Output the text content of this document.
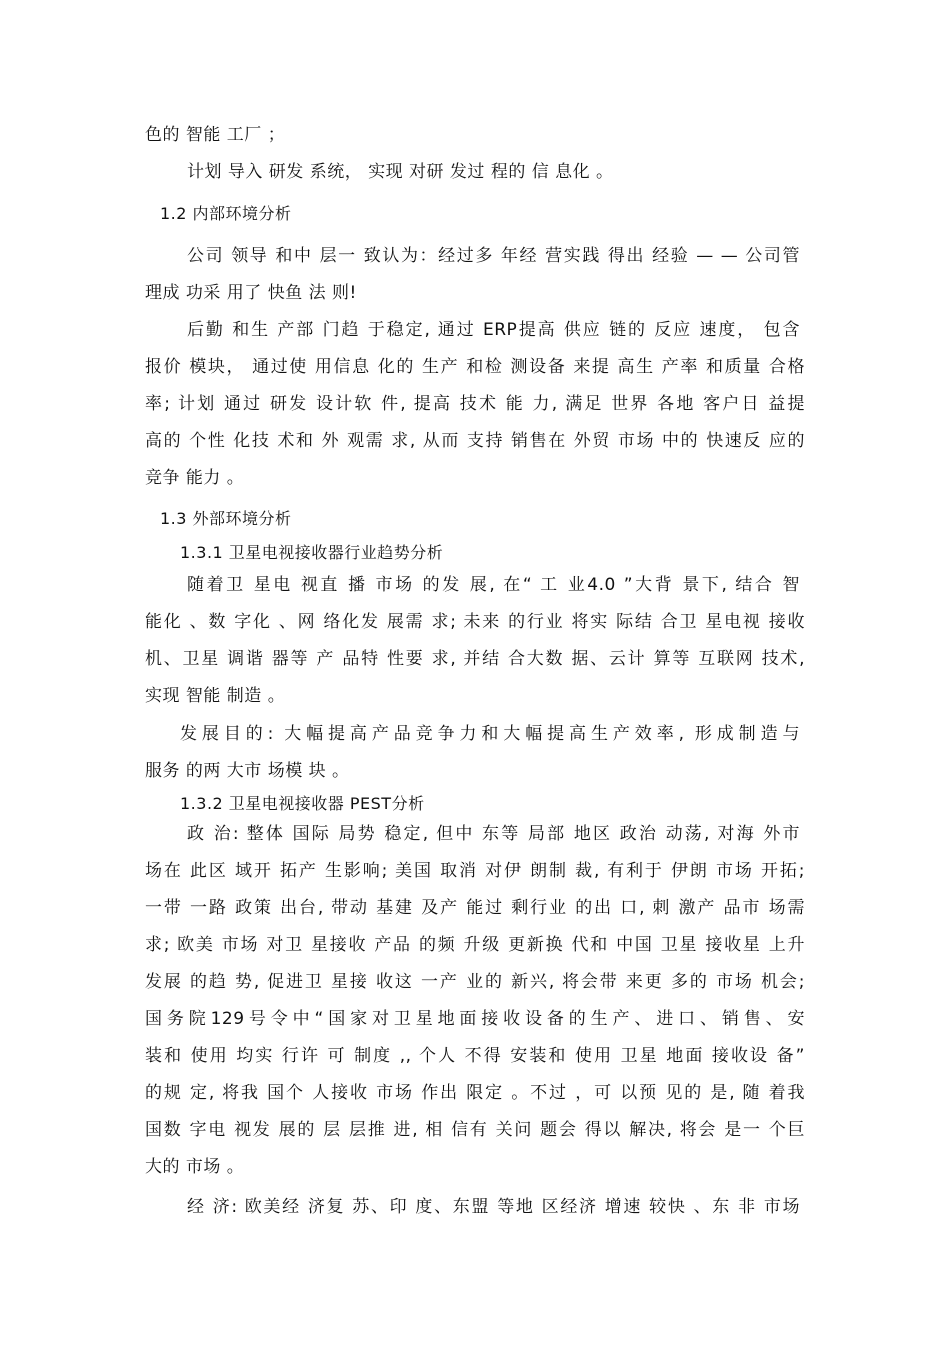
色的 智能 工厂 ；
计划 导入 研发 系统， 实现 对研 发过 程的 信 息化 。
1.2 内部环境分析
公司 领导 和中 层一 致认为：经过多 年经 营实践 得出 经验 — — 公司管
理成 功采 用了 快鱼 法 则!
后勤 和生 产部 门趋 于稳定, 通过 ERP提高 供应 链的 反应 速度， 包含
报价 模块， 通过使 用信息 化的 生产 和检 测设备 来提 高生 产率 和质量 合格
率; 计划 通过 研发 设计软 件, 提高 技术 能 力, 满足 世界 各地 客户日 益提
高的 个性 化技 术和 外 观需 求, 从而 支持 销售在 外贸 市场 中的 快速反 应的
竞争 能力 。
1.3 外部环境分析
1.3.1 卫星电视接收器行业趋势分析
随着卫 星电 视直 播 市场 的发 展, 在“ 工 业4.0 ”大背 景下, 结合 智
能化 、数 字化 、网 络化发 展需 求; 未来 的行业 将实 际结 合卫 星电视 接收
机、卫星 调谐 器等 产 品特 性要 求, 并结 合大数 据、云计 算等 互联网 技术,
实现 智能 制造 。
发展目的: 大幅提高产品竞争力和大幅提高生产效率, 形成制造与
服务 的两 大市 场模 块 。
1.3.2 卫星电视接收器 PEST分析
政 治: 整体 国际 局势 稳定, 但中 东等 局部 地区 政治 动荡, 对海 外市
场在 此区 域开 拓产 生影响; 美国 取消 对伊 朗制 裁, 有利于 伊朗 市场 开拓;
一带 一路 政策 出台, 带动 基建 及产 能过 剩行业 的出 口, 刺 激产 品市 场需
求; 欧美 市场 对卫 星接收 产品 的频 升级 更新换 代和 中国 卫星 接收星 上升
发展 的趋 势, 促进卫 星接 收这 一产 业的 新兴, 将会带 来更 多的 市场 机会;
国务院129号令中“国家对卫星地面接收设备的生产、进口、销售、安
装和 使用 均实 行许 可 制度 ,, 个人 不得 安装和 使用 卫星 地面 接收设 备”
的规 定, 将我 国个 人接收 市场 作出 限定 。不过 ，可 以预 见的 是, 随 着我
国数 字电 视发 展的 层 层推 进, 相 信有 关问 题会 得以 解决, 将会 是一 个巨
大的 市场 。
经 济: 欧美经 济复 苏、印 度、东盟 等地 区经济 增速 较快 、东 非 市场
